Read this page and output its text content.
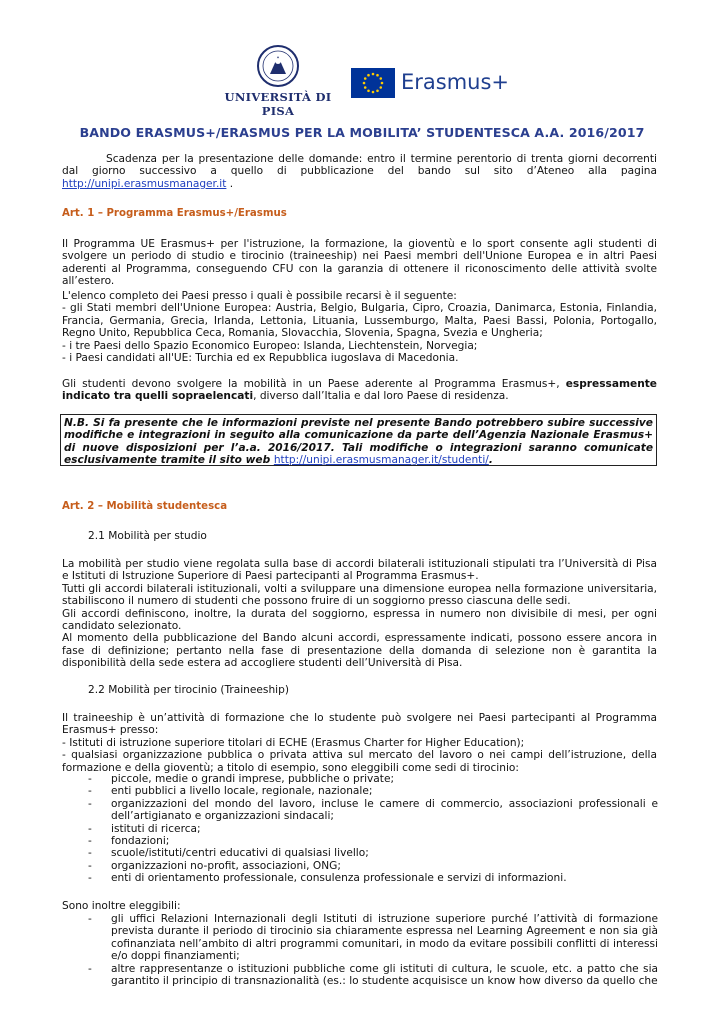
UNIVERSITÀ DI PISA
Erasmus+
BANDO ERASMUS+/ERASMUS PER LA MOBILITA’ STUDENTESCA A.A. 2016/2017

Scadenza per la presentazione delle domande: entro il termine perentorio di trenta giorni decorrenti dal giorno successivo a quello di pubblicazione del bando sul sito d’Ateneo alla pagina http://unipi.erasmusmanager.it .

Art. 1 – Programma Erasmus+/Erasmus

Il Programma UE Erasmus+ per l'istruzione, la formazione, la gioventù e lo sport consente agli studenti di svolgere un periodo di studio e tirocinio (traineeship) nei Paesi membri dell'Unione Europea e in altri Paesi aderenti al Programma, conseguendo CFU con la garanzia di ottenere il riconoscimento delle attività svolte all’estero.

L'elenco completo dei Paesi presso i quali è possibile recarsi è il seguente:
- gli Stati membri dell'Unione Europea: Austria, Belgio, Bulgaria, Cipro, Croazia, Danimarca, Estonia, Finlandia, Francia, Germania, Grecia, Irlanda, Lettonia, Lituania, Lussemburgo, Malta, Paesi Bassi, Polonia, Portogallo, Regno Unito, Repubblica Ceca, Romania, Slovacchia, Slovenia, Spagna, Svezia e Ungheria;
- i tre Paesi dello Spazio Economico Europeo: Islanda, Liechtenstein, Norvegia;
- i Paesi candidati all'UE: Turchia ed ex Repubblica iugoslava di Macedonia.

Gli studenti devono svolgere la mobilità in un Paese aderente al Programma Erasmus+, espressamente indicato tra quelli sopraelencati, diverso dall’Italia e dal loro Paese di residenza.

N.B. Si fa presente che le informazioni previste nel presente Bando potrebbero subire successive modifiche e integrazioni in seguito alla comunicazione da parte dell’Agenzia Nazionale Erasmus+ di nuove disposizioni per l’a.a. 2016/2017. Tali modifiche o integrazioni saranno comunicate esclusivamente tramite il sito web http://unipi.erasmusmanager.it/studenti/.
Art. 2 – Mobilità studentesca
2.1 Mobilità per studio
La mobilità per studio viene regolata sulla base di accordi bilaterali istituzionali stipulati tra l’Università di Pisa e Istituti di Istruzione Superiore di Paesi partecipanti al Programma Erasmus+.
Tutti gli accordi bilaterali istituzionali, volti a sviluppare una dimensione europea nella formazione universitaria, stabiliscono il numero di studenti che possono fruire di un soggiorno presso ciascuna delle sedi.
Gli accordi definiscono, inoltre, la durata del soggiorno, espressa in numero non divisibile di mesi, per ogni candidato selezionato.
Al momento della pubblicazione del Bando alcuni accordi, espressamente indicati, possono essere ancora in fase di definizione; pertanto nella fase di presentazione della domanda di selezione non è garantita la disponibilità della sede estera ad accogliere studenti dell’Università di Pisa.
2.2 Mobilità per tirocinio (Traineeship)
Il traineeship è un’attività di formazione che lo studente può svolgere nei Paesi partecipanti al Programma Erasmus+ presso:
- Istituti di istruzione superiore titolari di ECHE (Erasmus Charter for Higher Education);
- qualsiasi organizzazione pubblica o privata attiva sul mercato del lavoro o nei campi dell’istruzione, della formazione e della gioventù; a titolo di esempio, sono eleggibili come sedi di tirocinio:
-	piccole, medie o grandi imprese, pubbliche o private;
-	enti pubblici a livello locale, regionale, nazionale;
-	organizzazioni del mondo del lavoro, incluse le camere di commercio, associazioni professionali e dell’artigianato e organizzazioni sindacali;
-	istituti di ricerca;
-	fondazioni;
-	scuole/istituti/centri educativi di qualsiasi livello;
-	organizzazioni no-profit, associazioni, ONG;
-	enti di orientamento professionale, consulenza professionale e servizi di informazioni.
Sono inoltre eleggibili:
-	gli uffici Relazioni Internazionali degli Istituti di istruzione superiore purché l’attività di formazione prevista durante il periodo di tirocinio sia chiaramente espressa nel Learning Agreement e non sia già cofinanziata nell’ambito di altri programmi comunitari, in modo da evitare possibili conflitti di interessi e/o doppi finanziamenti;
-	altre rappresentanze o istituzioni pubbliche come gli istituti di cultura, le scuole, etc. a patto che sia garantito il principio di transnazionalità (es.: lo studente acquisisce un know how diverso da quello che
